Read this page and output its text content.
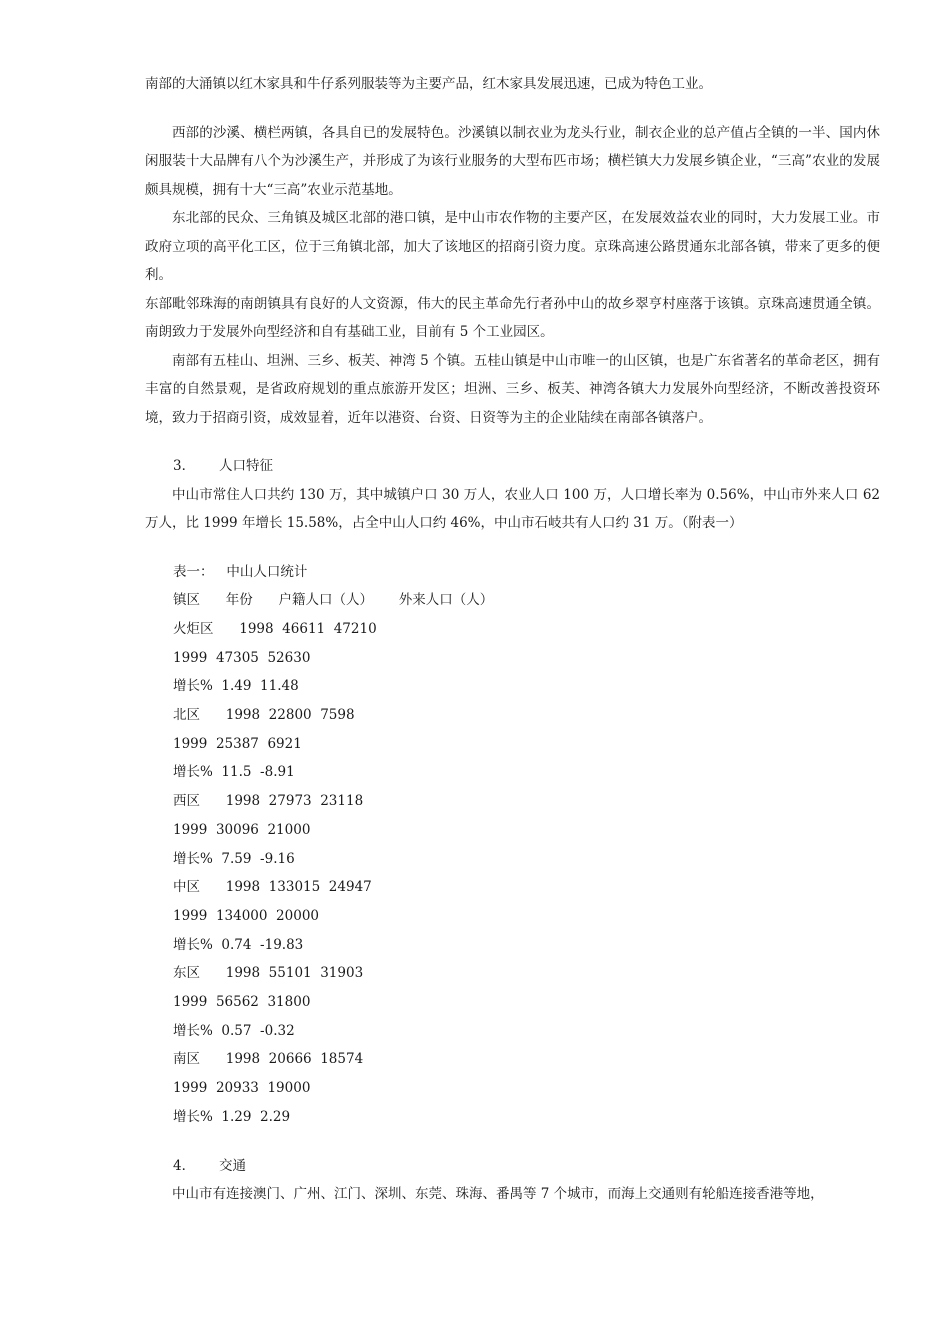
南部的大涌镇以红木家具和牛仔系列服装等为主要产品，红木家具发展迅速，已成为特色工业。

西部的沙溪、横栏两镇，各具自已的发展特色。沙溪镇以制衣业为龙头行业，制衣企业的总产值占全镇的一半、国内休闲服装十大品牌有八个为沙溪生产，并形成了为该行业服务的大型布匹市场；横栏镇大力发展乡镇企业，“三高”农业的发展颇具规模，拥有十大“三高”农业示范基地。

东北部的民众、三角镇及城区北部的港口镇，是中山市农作物的主要产区，在发展效益农业的同时，大力发展工业。市政府立项的高平化工区，位于三角镇北部，加大了该地区的招商引资力度。京珠高速公路贯通东北部各镇，带来了更多的便利。

东部毗邻珠海的南朗镇具有良好的人文资源，伟大的民主革命先行者孙中山的故乡翠亨村座落于该镇。京珠高速贯通全镇。南朗致力于发展外向型经济和自有基础工业，目前有 5 个工业园区。

南部有五桂山、坦洲、三乡、板芙、神湾 5 个镇。五桂山镇是中山市唯一的山区镇，也是广东省著名的革命老区，拥有丰富的自然景观，是省政府规划的重点旅游开发区；坦洲、三乡、板芙、神湾各镇大力发展外向型经济，不断改善投资环境，致力于招商引资，成效显着，近年以港资、台资、日资等为主的企业陆续在南部各镇落户。

3． 人口特征

中山市常住人口共约 130 万，其中城镇户口 30 万人，农业人口 100 万，人口增长率为 0.56%，中山市外来人口 62 万人，比 1999 年增长 15.58%，占全中山人口约 46%，中山市石岐共有人口约 31 万。（附表一）

表一：   中山人口统计

镇区      年份      户籍人口（人）      外来人口（人）

火炬区      1998  46611  47210

1999  47305  52630

增长%  1.49  11.48

北区      1998  22800  7598

1999  25387  6921

增长%  11.5  -8.91

西区      1998  27973  23118

1999  30096  21000

增长%  7.59  -9.16

中区      1998  133015  24947

1999  134000  20000

增长%  0.74  -19.83

东区      1998  55101  31903

1999  56562  31800

增长%  0.57  -0.32

南区      1998  20666  18574

1999  20933  19000

增长%  1.29  2.29

4． 交通

中山市有连接澳门、广州、江门、深圳、东莞、珠海、番禺等 7 个城市，而海上交通则有轮船连接香港等地，
